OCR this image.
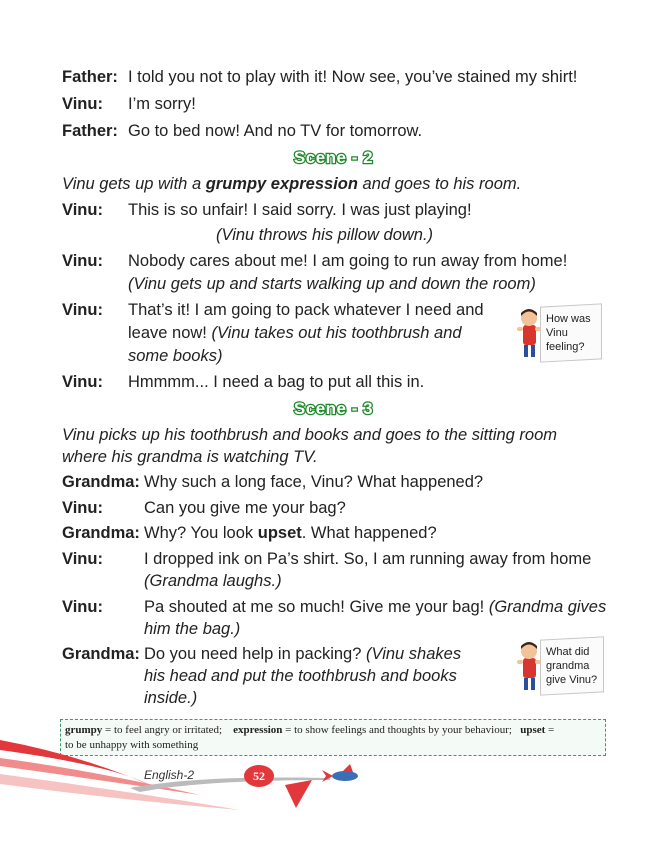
Father: I told you not to play with it! Now see, you’ve stained my shirt!
Vinu: I’m sorry!
Father: Go to bed now! And no TV for tomorrow.
Scene - 2
Vinu gets up with a grumpy expression and goes to his room.
Vinu: This is so unfair! I said sorry. I was just playing!
(Vinu throws his pillow down.)
Vinu: Nobody cares about me! I am going to run away from home!
(Vinu gets up and starts walking up and down the room)
Vinu: That’s it! I am going to pack whatever I need and
leave now! (Vinu takes out his toothbrush and
some books)
How was
Vinu
feeling?
Vinu: Hmmmm... I need a bag to put all this in.
Scene - 3
Vinu picks up his toothbrush and books and goes to the sitting room
where his grandma is watching TV.
Grandma: Why such a long face, Vinu? What happened?
Vinu: Can you give me your bag?
Grandma: Why? You look upset. What happened?
Vinu: I dropped ink on Pa’s shirt. So, I am running away from home
(Grandma laughs.)
Vinu: Pa shouted at me so much! Give me your bag! (Grandma gives
him the bag.)
Grandma: Do you need help in packing? (Vinu shakes
his head and put the toothbrush and books
inside.)
What did
grandma
give Vinu?
grumpy = to feel angry or irritated; expression = to show feelings and thoughts by your behaviour; upset =
to be unhappy with something
English-2	52
